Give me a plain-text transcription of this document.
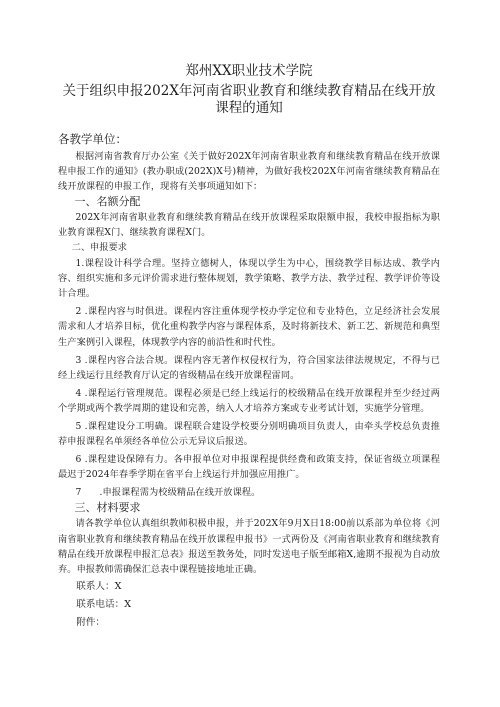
郑州XX职业技术学院
关于组织申报202X年河南省职业教育和继续教育精品在线开放课程的通知
各教学单位：

根据河南省教育厅办公室《关于做好202X年河南省职业教育和继续教育精品在线开放课程申报工作的通知》(教办职成(202X)X号)精神，为做好我校202X年河南省继续教育精品在线开放课程的申报工作，现将有关事项通知如下：

一、名额分配

202X年河南省职业教育和继续教育精品在线开放课程采取限额申报，我校申报指标为职业教育课程X门、继续教育课程X门。

二、申报要求

1.课程设计科学合理。坚持立德树人，体现以学生为中心，围绕教学目标达成、教学内容、组织实施和多元评价需求进行整体规划，教学策略、教学方法、教学过程、教学评价等设计合理。

2 .课程内容与时俱进。课程内容注重体现学校办学定位和专业特色，立足经济社会发展需求和人才培养目标，优化重构教学内容与课程体系，及时将新技术、新工艺、新规范和典型生产案例引入课程，体现教学内容的前沿性和时代性。

3 .课程内容合法合规。课程内容无著作权侵权行为，符合国家法律法规规定，不得与已经上线运行且经教育厅认定的省级精品在线开放课程雷同。

4 .课程运行管理规范。课程必须是已经上线运行的校级精品在线开放课程并至少经过两个学期或两个教学周期的建设和完善，纳入人才培养方案或专业考试计划，实施学分管理。

5 .课程建设分工明确。课程联合建设学校要分别明确项目负责人，由牵头学校总负责推荐申报课程名单须经各单位公示无异议后报送。

6 .课程建设保障有力。各申报单位对申报课程提供经费和政策支持，保证省级立项课程最迟于2024年春季学期在省平台上线运行并加强应用推广。

7      .申报课程需为校级精品在线开放课程。

三、材料要求

请各教学单位认真组织教师积极申报，并于202X年9月X日18:00前以系部为单位将《河南省职业教育和继续教育精品在线开放课程申报书》一式两份及《河南省职业教育和继续教育精品在线开放课程申报汇总表》报送至教务处，同时发送电子版至邮箱X,逾期不报视为自动放弃。申报教师需确保汇总表中课程链接地址正确。

联系人：X
联系电话：X
附件：
